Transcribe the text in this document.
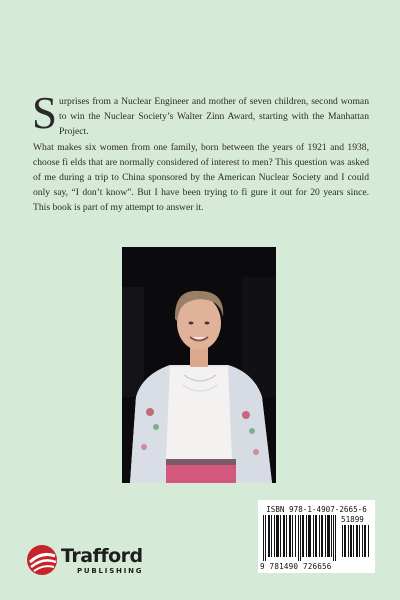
Surprises from a Nuclear Engineer and mother of seven children, second woman to win the Nuclear Society’s Walter Zinn Award, starting with the Manhattan Project.

What makes six women from one family, born between the years of 1921 and 1938, choose fi elds that are normally considered of interest to men? This question was asked of me during a trip to China sponsored by the American Nuclear Society and I could only say, “I don’t know”. But I have been trying to fi gure it out for 20 years since. This book is part of my attempt to answer it.

Trafford
PUBLISHING
ISBN 978-1-4907-2665-6
51899
9 781490 726656
